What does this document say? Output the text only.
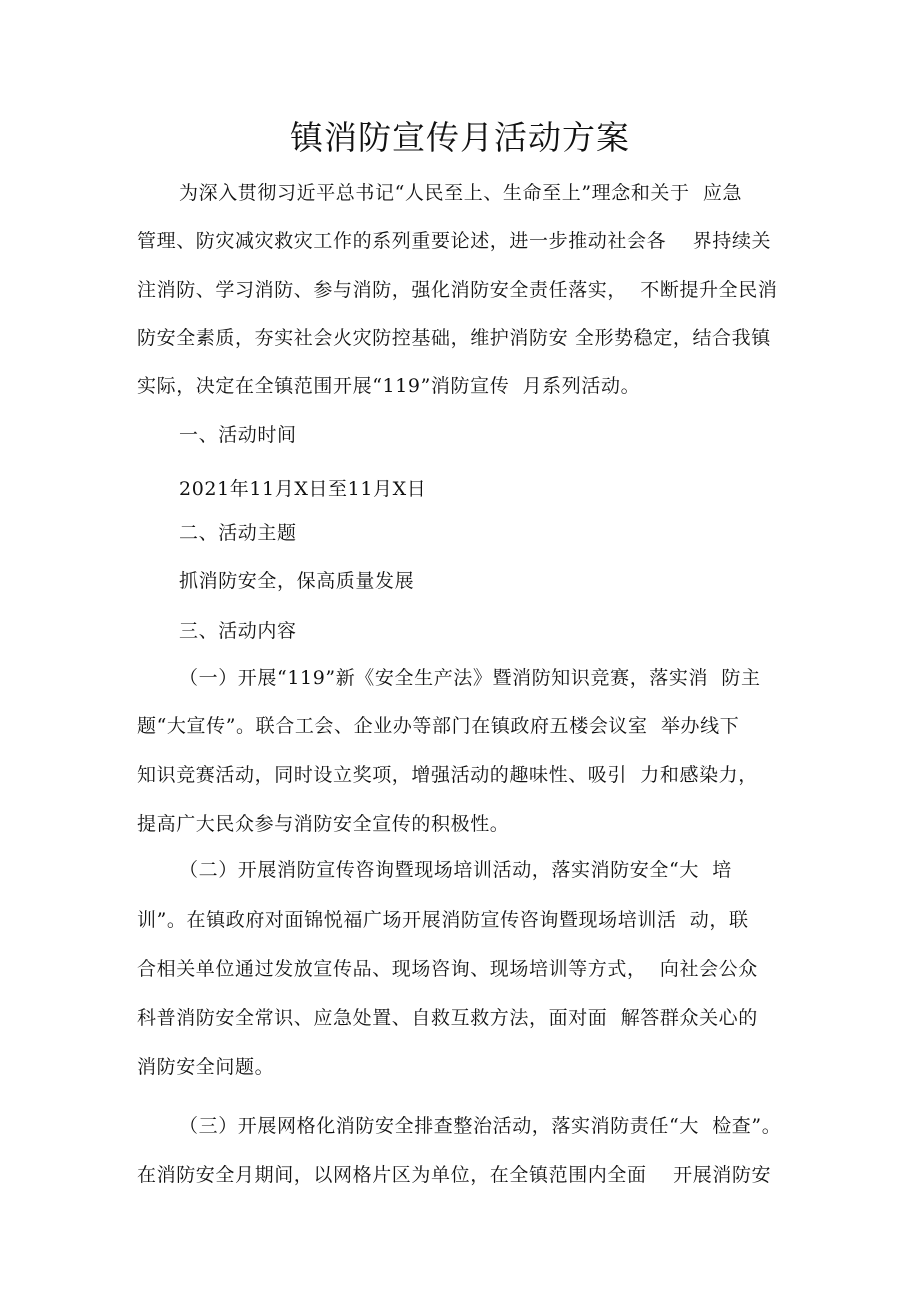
镇消防宣传月活动方案

为深入贯彻习近平总书记“人民至上、生命至上”理念和关于  应急

管理、防灾减灾救灾工作的系列重要论述，进一步推动社会各    界持续关

注消防、学习消防、参与消防，强化消防安全责任落实，  不断提升全民消

防安全素质，夯实社会火灾防控基础，维护消防安 全形势稳定，结合我镇

实际，决定在全镇范围开展“119”消防宣传  月系列活动。

一、活动时间

2021年11月X日至11月X日

二、活动主题

抓消防安全，保高质量发展

三、活动内容

（一）开展“119”新《安全生产法》暨消防知识竞赛，落实消  防主

题“大宣传”。联合工会、企业办等部门在镇政府五楼会议室  举办线下

知识竞赛活动，同时设立奖项，增强活动的趣味性、吸引  力和感染力，

提高广大民众参与消防安全宣传的积极性。

（二）开展消防宣传咨询暨现场培训活动，落实消防安全“大  培

训”。在镇政府对面锦悦福广场开展消防宣传咨询暨现场培训活  动，联

合相关单位通过发放宣传品、现场咨询、现场培训等方式，  向社会公众

科普消防安全常识、应急处置、自救互救方法，面对面  解答群众关心的

消防安全问题。

（三）开展网格化消防安全排查整治活动，落实消防责任“大  检查”。

在消防安全月期间，以网格片区为单位，在全镇范围内全面    开展消防安
